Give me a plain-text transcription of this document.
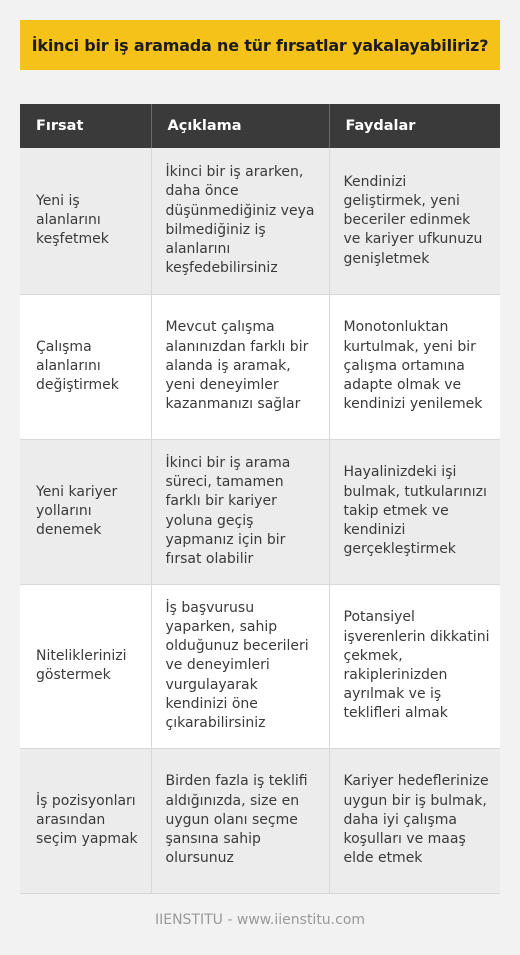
İkinci bir iş aramada ne tür fırsatlar yakalayabiliriz?
Fırsat	Açıklama	Faydalar
Yeni iş alanlarını keşfetmek	İkinci bir iş ararken, daha önce düşünmediğiniz veya bilmediğiniz iş alanlarını keşfedebilirsiniz	Kendinizi geliştirmek, yeni beceriler edinmek ve kariyer ufkunuzu genişletmek
Çalışma alanlarını değiştirmek	Mevcut çalışma alanınızdan farklı bir alanda iş aramak, yeni deneyimler kazanmanızı sağlar	Monotonluktan kurtulmak, yeni bir çalışma ortamına adapte olmak ve kendinizi yenilemek
Yeni kariyer yollarını denemek	İkinci bir iş arama süreci, tamamen farklı bir kariyer yoluna geçiş yapmanız için bir fırsat olabilir	Hayalinizdeki işi bulmak, tutkularınızı takip etmek ve kendinizi gerçekleştirmek
Niteliklerinizi göstermek	İş başvurusu yaparken, sahip olduğunuz becerileri ve deneyimleri vurgulayarak kendinizi öne çıkarabilirsiniz	Potansiyel işverenlerin dikkatini çekmek, rakiplerinizden ayrılmak ve iş teklifleri almak
İş pozisyonları arasından seçim yapmak	Birden fazla iş teklifi aldığınızda, size en uygun olanı seçme şansına sahip olursunuz	Kariyer hedeflerinize uygun bir iş bulmak, daha iyi çalışma koşulları ve maaş elde etmek
IIENSTITU - www.iienstitu.com
